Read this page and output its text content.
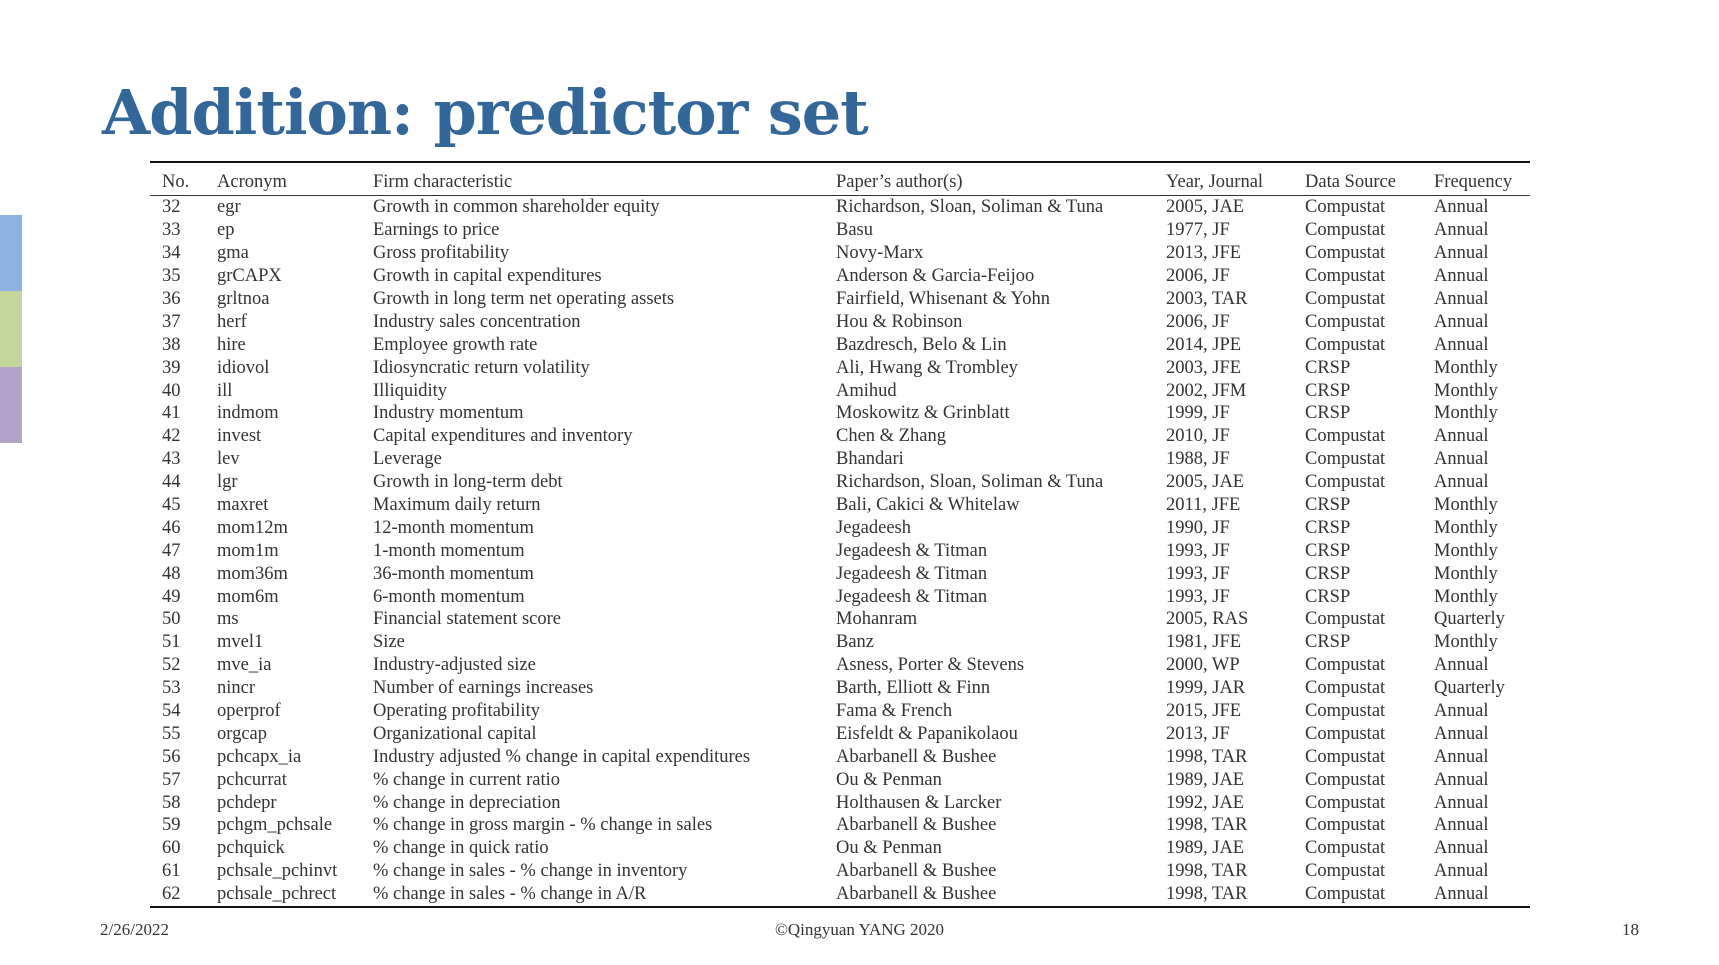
Addition: predictor set
No.	Acronym	Firm characteristic	Paper’s author(s)	Year, Journal	Data Source	Frequency
32	egr	Growth in common shareholder equity	Richardson, Sloan, Soliman & Tuna	2005, JAE	Compustat	Annual
33	ep	Earnings to price	Basu	1977, JF	Compustat	Annual
34	gma	Gross profitability	Novy-Marx	2013, JFE	Compustat	Annual
35	grCAPX	Growth in capital expenditures	Anderson & Garcia-Feijoo	2006, JF	Compustat	Annual
36	grltnoa	Growth in long term net operating assets	Fairfield, Whisenant & Yohn	2003, TAR	Compustat	Annual
37	herf	Industry sales concentration	Hou & Robinson	2006, JF	Compustat	Annual
38	hire	Employee growth rate	Bazdresch, Belo & Lin	2014, JPE	Compustat	Annual
39	idiovol	Idiosyncratic return volatility	Ali, Hwang & Trombley	2003, JFE	CRSP	Monthly
40	ill	Illiquidity	Amihud	2002, JFM	CRSP	Monthly
41	indmom	Industry momentum	Moskowitz & Grinblatt	1999, JF	CRSP	Monthly
42	invest	Capital expenditures and inventory	Chen & Zhang	2010, JF	Compustat	Annual
43	lev	Leverage	Bhandari	1988, JF	Compustat	Annual
44	lgr	Growth in long-term debt	Richardson, Sloan, Soliman & Tuna	2005, JAE	Compustat	Annual
45	maxret	Maximum daily return	Bali, Cakici & Whitelaw	2011, JFE	CRSP	Monthly
46	mom12m	12-month momentum	Jegadeesh	1990, JF	CRSP	Monthly
47	mom1m	1-month momentum	Jegadeesh & Titman	1993, JF	CRSP	Monthly
48	mom36m	36-month momentum	Jegadeesh & Titman	1993, JF	CRSP	Monthly
49	mom6m	6-month momentum	Jegadeesh & Titman	1993, JF	CRSP	Monthly
50	ms	Financial statement score	Mohanram	2005, RAS	Compustat	Quarterly
51	mvel1	Size	Banz	1981, JFE	CRSP	Monthly
52	mve_ia	Industry-adjusted size	Asness, Porter & Stevens	2000, WP	Compustat	Annual
53	nincr	Number of earnings increases	Barth, Elliott & Finn	1999, JAR	Compustat	Quarterly
54	operprof	Operating profitability	Fama & French	2015, JFE	Compustat	Annual
55	orgcap	Organizational capital	Eisfeldt & Papanikolaou	2013, JF	Compustat	Annual
56	pchcapx_ia	Industry adjusted % change in capital expenditures	Abarbanell & Bushee	1998, TAR	Compustat	Annual
57	pchcurrat	% change in current ratio	Ou & Penman	1989, JAE	Compustat	Annual
58	pchdepr	% change in depreciation	Holthausen & Larcker	1992, JAE	Compustat	Annual
59	pchgm_pchsale	% change in gross margin - % change in sales	Abarbanell & Bushee	1998, TAR	Compustat	Annual
60	pchquick	% change in quick ratio	Ou & Penman	1989, JAE	Compustat	Annual
61	pchsale_pchinvt	% change in sales - % change in inventory	Abarbanell & Bushee	1998, TAR	Compustat	Annual
62	pchsale_pchrect	% change in sales - % change in A/R	Abarbanell & Bushee	1998, TAR	Compustat	Annual
2/26/2022	©Qingyuan YANG 2020	18
